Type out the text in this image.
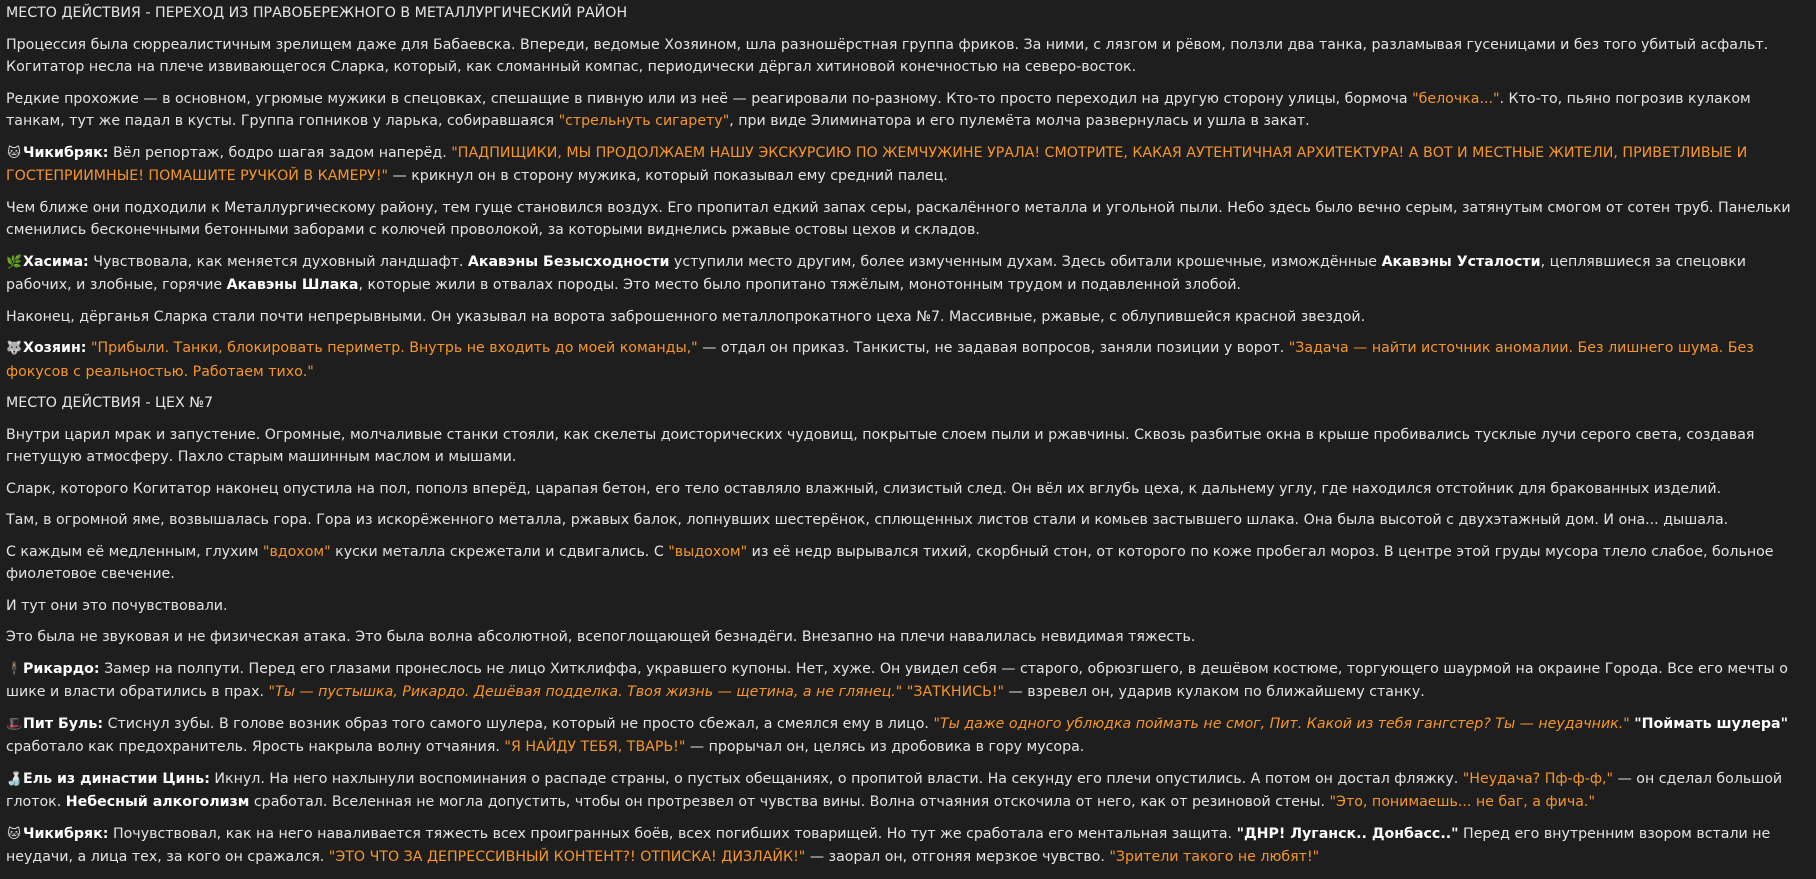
МЕСТО ДЕЙСТВИЯ - ПЕРЕХОД ИЗ ПРАВОБЕРЕЖНОГО В МЕТАЛЛУРГИЧЕСКИЙ РАЙОН
Процессия была сюрреалистичным зрелищем даже для Бабаевска. Впереди, ведомые Хозяином, шла разношёрстная группа фриков. За ними, с лязгом и рёвом, ползли два танка, разламывая гусеницами и без того убитый асфальт. Когитатор несла на плече извивающегося Сларка, который, как сломанный компас, периодически дёргал хитиновой конечностью на северо-восток.
Редкие прохожие — в основном, угрюмые мужики в спецовках, спешащие в пивную или из неё — реагировали по-разному. Кто-то просто переходил на другую сторону улицы, бормоча "белочка...". Кто-то, пьяно погрозив кулаком танкам, тут же падал в кусты. Группа гопников у ларька, собиравшаяся "стрельнуть сигарету", при виде Элиминатора и его пулемёта молча развернулась и ушла в закат.
🐱 Чикибряк: Вёл репортаж, бодро шагая задом наперёд. "ПАДПИЩИКИ, МЫ ПРОДОЛЖАЕМ НАШУ ЭКСКУРСИЮ ПО ЖЕМЧУЖИНЕ УРАЛА! СМОТРИТЕ, КАКАЯ АУТЕНТИЧНАЯ АРХИТЕКТУРА! А ВОТ И МЕСТНЫЕ ЖИТЕЛИ, ПРИВЕТЛИВЫЕ И ГОСТЕПРИИМНЫЕ! ПОМАШИТЕ РУЧКОЙ В КАМЕРУ!" — крикнул он в сторону мужика, который показывал ему средний палец.
Чем ближе они подходили к Металлургическому району, тем гуще становился воздух. Его пропитал едкий запах серы, раскалённого металла и угольной пыли. Небо здесь было вечно серым, затянутым смогом от сотен труб. Панельки сменились бесконечными бетонными заборами с колючей проволокой, за которыми виднелись ржавые остовы цехов и складов.
🌿Хасима: Чувствовала, как меняется духовный ландшафт. Акавэны Безысходности уступили место другим, более измученным духам. Здесь обитали крошечные, измождённые Акавэны Усталости, цеплявшиеся за спецовки рабочих, и злобные, горячие Акавэны Шлака, которые жили в отвалах породы. Это место было пропитано тяжёлым, монотонным трудом и подавленной злобой.
Наконец, дёрганья Сларка стали почти непрерывными. Он указывал на ворота заброшенного металлопрокатного цеха №7. Массивные, ржавые, с облупившейся красной звездой.
🐺Хозяин: "Прибыли. Танки, блокировать периметр. Внутрь не входить до моей команды," — отдал он приказ. Танкисты, не задавая вопросов, заняли позиции у ворот. "Задача — найти источник аномалии. Без лишнего шума. Без фокусов с реальностью. Работаем тихо."
МЕСТО ДЕЙСТВИЯ - ЦЕХ №7
Внутри царил мрак и запустение. Огромные, молчаливые станки стояли, как скелеты доисторических чудовищ, покрытые слоем пыли и ржавчины. Сквозь разбитые окна в крыше пробивались тусклые лучи серого света, создавая гнетущую атмосферу. Пахло старым машинным маслом и мышами.
Сларк, которого Когитатор наконец опустила на пол, пополз вперёд, царапая бетон, его тело оставляло влажный, слизистый след. Он вёл их вглубь цеха, к дальнему углу, где находился отстойник для бракованных изделий.
Там, в огромной яме, возвышалась гора. Гора из искорёженного металла, ржавых балок, лопнувших шестерёнок, сплющенных листов стали и комьев застывшего шлака. Она была высотой с двухэтажный дом. И она... дышала.
С каждым её медленным, глухим "вдохом" куски металла скрежетали и сдвигались. С "выдохом" из её недр вырывался тихий, скорбный стон, от которого по коже пробегал мороз. В центре этой груды мусора тлело слабое, больное фиолетовое свечение.
И тут они это почувствовали.
Это была не звуковая и не физическая атака. Это была волна абсолютной, всепоглощающей безнадёги. Внезапно на плечи навалилась невидимая тяжесть.
🕴Рикардо: Замер на полпути. Перед его глазами пронеслось не лицо Хитклиффа, укравшего купоны. Нет, хуже. Он увидел себя — старого, обрюзгшего, в дешёвом костюме, торгующего шаурмой на окраине Города. Все его мечты о шике и власти обратились в прах. "Ты — пустышка, Рикардо. Дешёвая подделка. Твоя жизнь — щетина, а не глянец." "ЗАТКНИСЬ!" — взревел он, ударив кулаком по ближайшему станку.
🎩Пит Буль: Стиснул зубы. В голове возник образ того самого шулера, который не просто сбежал, а смеялся ему в лицо. "Ты даже одного ублюдка поймать не смог, Пит. Какой из тебя гангстер? Ты — неудачник." "Поймать шулера" сработало как предохранитель. Ярость накрыла волну отчаяния. "Я НАЙДУ ТЕБЯ, ТВАРЬ!" — прорычал он, целясь из дробовика в гору мусора.
🍶Ель из династии Цинь: Икнул. На него нахлынули воспоминания о распаде страны, о пустых обещаниях, о пропитой власти. На секунду его плечи опустились. А потом он достал фляжку. "Неудача? Пф-ф-ф," — он сделал большой глоток. Небесный алкоголизм сработал. Вселенная не могла допустить, чтобы он протрезвел от чувства вины. Волна отчаяния отскочила от него, как от резиновой стены. "Это, понимаешь... не баг, а фича."
🐱 Чикибряк: Почувствовал, как на него наваливается тяжесть всех проигранных боёв, всех погибших товарищей. Но тут же сработала его ментальная защита. "ДНР! Луганск.. Донбасс.." Перед его внутренним взором встали не неудачи, а лица тех, за кого он сражался. "ЭТО ЧТО ЗА ДЕПРЕССИВНЫЙ КОНТЕНТ?! ОТПИСКА! ДИЗЛАЙК!" — заорал он, отгоняя мерзкое чувство. "Зрители такого не любят!"
